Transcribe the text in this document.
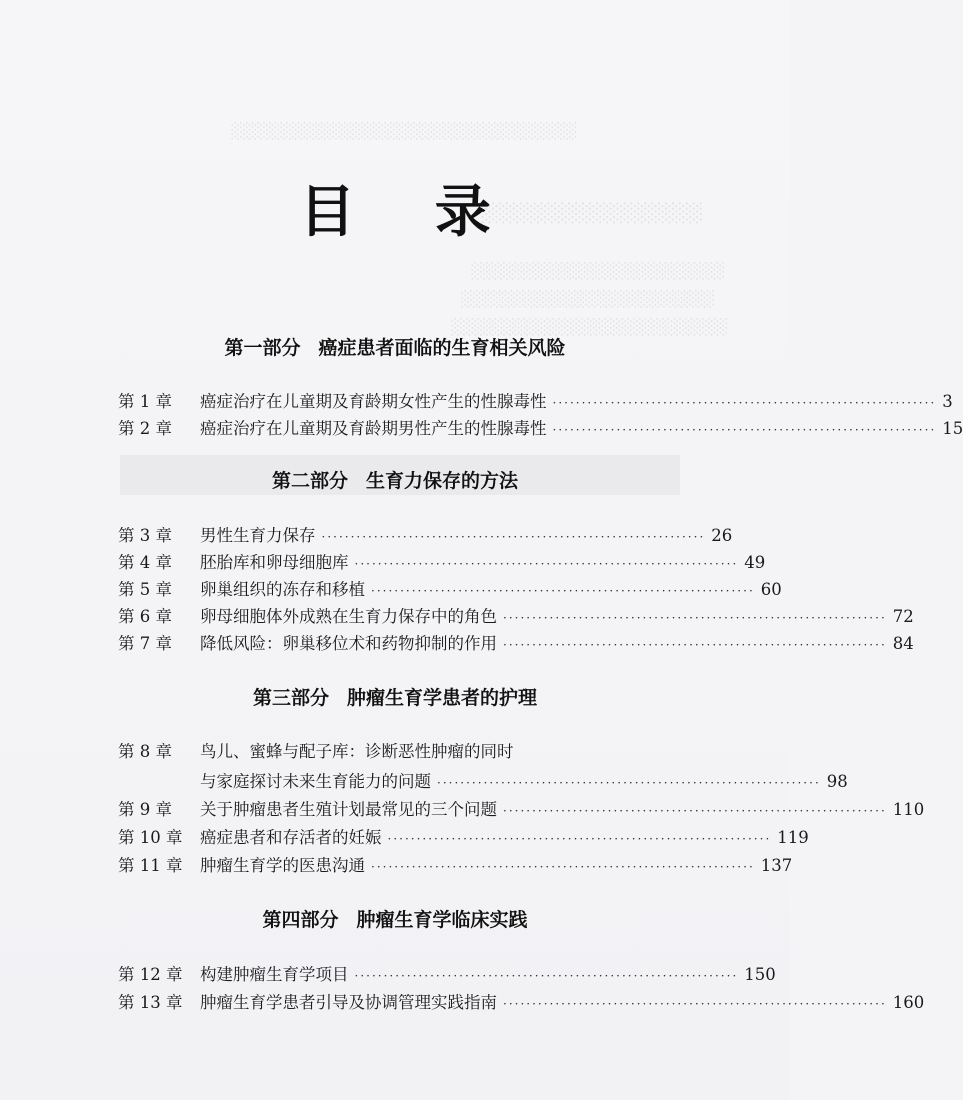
░░░░░░░░░░░░░░░░░░░░░░░░░░░░░░
░░░░░░░░░░░░░░░░
░░░░░░░░░░░░░░░░░░░░░░
░░░░░░░░░░░░░░░░░░░░░░
░░░░░░░░░░░░░░░░░░░░░░░░
目 录
第一部分 癌症患者面临的生育相关风险
第 1 章	癌症治疗在儿童期及育龄期女性产生的性腺毒性 ·································································· 3
第 2 章	癌症治疗在儿童期及育龄期男性产生的性腺毒性 ·································································· 15
第二部分 生育力保存的方法
第 3 章	男性生育力保存 ·································································· 26
第 4 章	胚胎库和卵母细胞库 ·································································· 49
第 5 章	卵巢组织的冻存和移植 ·································································· 60
第 6 章	卵母细胞体外成熟在生育力保存中的角色 ·································································· 72
第 7 章	降低风险：卵巢移位术和药物抑制的作用 ·································································· 84
第三部分 肿瘤生育学患者的护理
第 8 章	鸟儿、蜜蜂与配子库：诊断恶性肿瘤的同时
与家庭探讨未来生育能力的问题 ·································································· 98
第 9 章	关于肿瘤患者生殖计划最常见的三个问题 ·································································· 110
第 10 章	癌症患者和存活者的妊娠 ·································································· 119
第 11 章	肿瘤生育学的医患沟通 ·································································· 137
第四部分 肿瘤生育学临床实践
第 12 章	构建肿瘤生育学项目 ·································································· 150
第 13 章	肿瘤生育学患者引导及协调管理实践指南 ·································································· 160
